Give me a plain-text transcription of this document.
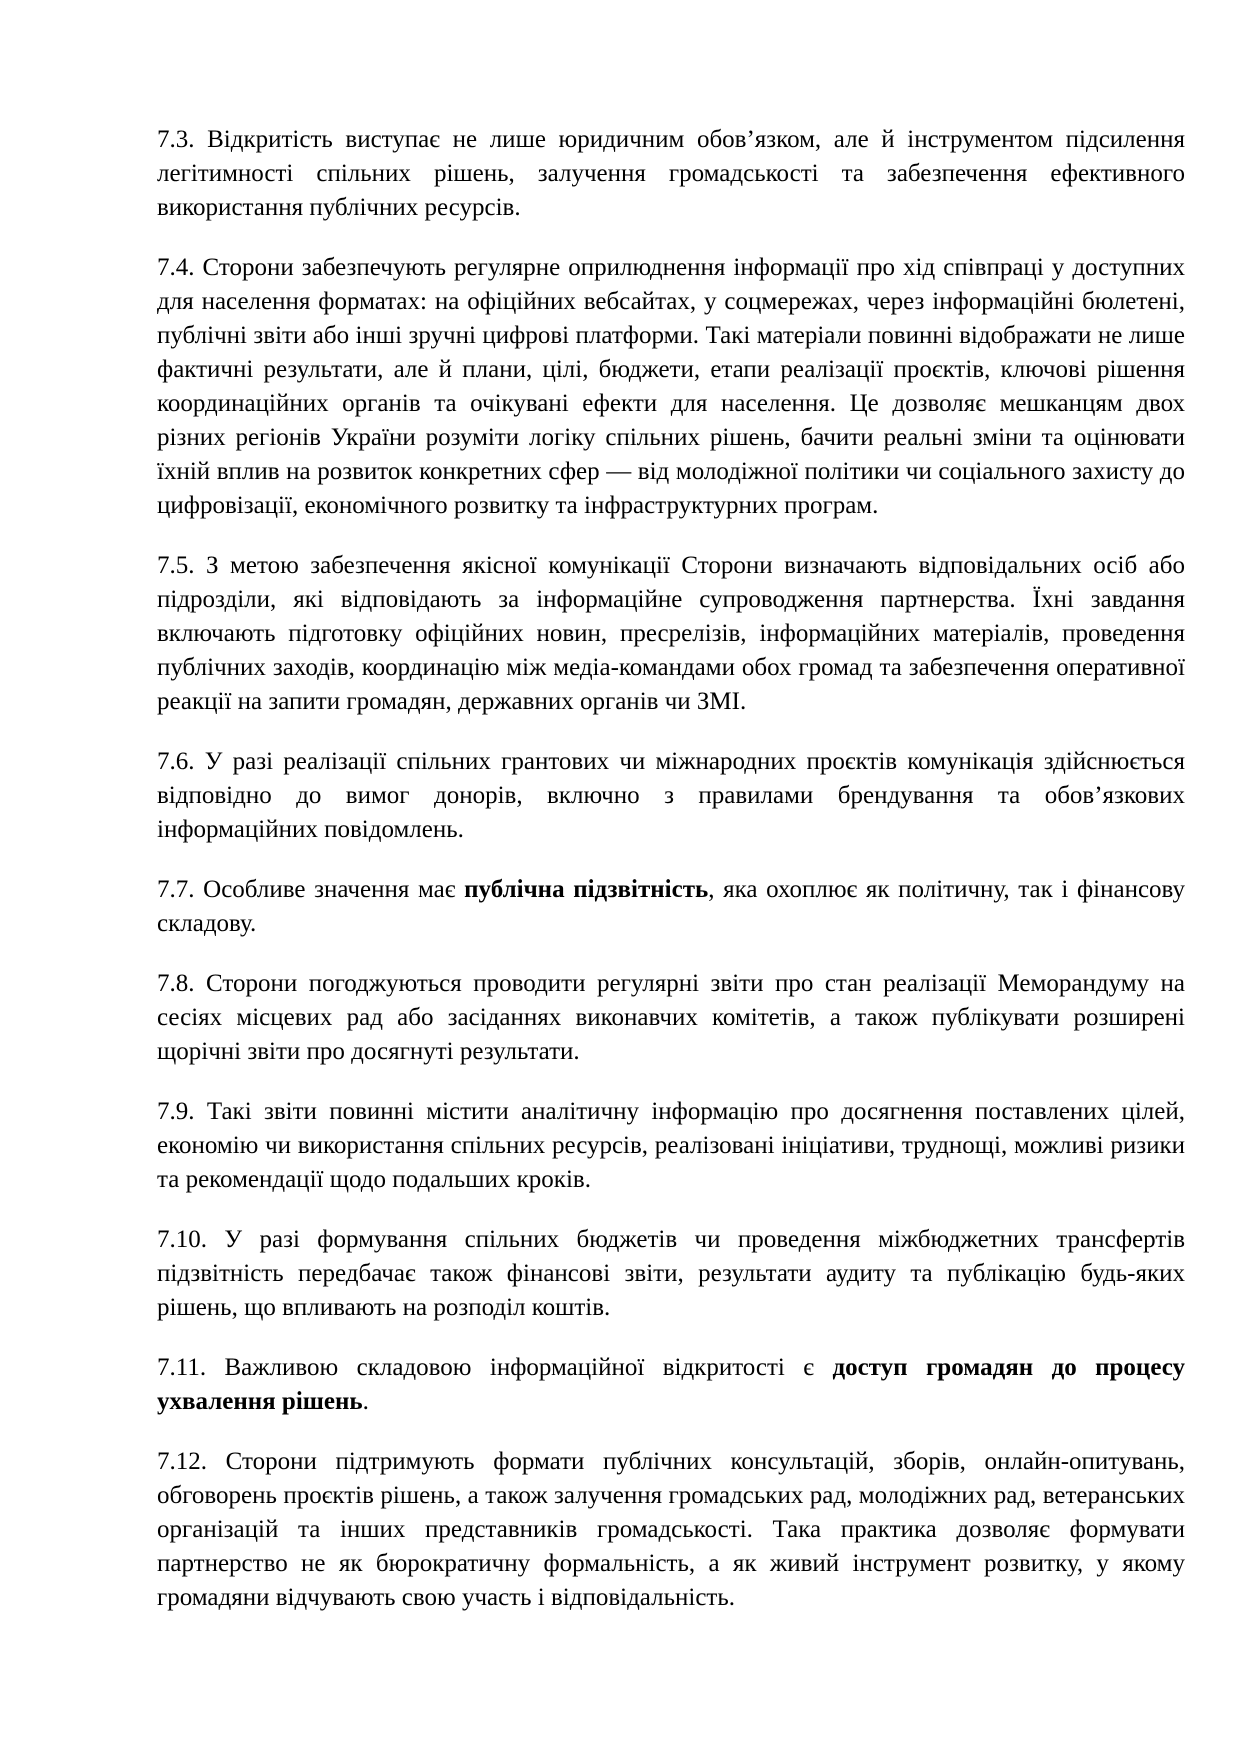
7.3. Відкритість виступає не лише юридичним обов’язком, але й інструментом підсилення легітимності спільних рішень, залучення громадськості та забезпечення ефективного використання публічних ресурсів.

7.4. Сторони забезпечують регулярне оприлюднення інформації про хід співпраці у доступних для населення форматах: на офіційних вебсайтах, у соцмережах, через інформаційні бюлетені, публічні звіти або інші зручні цифрові платформи. Такі матеріали повинні відображати не лише фактичні результати, але й плани, цілі, бюджети, етапи реалізації проєктів, ключові рішення координаційних органів та очікувані ефекти для населення. Це дозволяє мешканцям двох різних регіонів України розуміти логіку спільних рішень, бачити реальні зміни та оцінювати їхній вплив на розвиток конкретних сфер — від молодіжної політики чи соціального захисту до цифровізації, економічного розвитку та інфраструктурних програм.

7.5. З метою забезпечення якісної комунікації Сторони визначають відповідальних осіб або підрозділи, які відповідають за інформаційне супроводження партнерства. Їхні завдання включають підготовку офіційних новин, пресрелізів, інформаційних матеріалів, проведення публічних заходів, координацію між медіа-командами обох громад та забезпечення оперативної реакції на запити громадян, державних органів чи ЗМІ.

7.6. У разі реалізації спільних грантових чи міжнародних проєктів комунікація здійснюється відповідно до вимог донорів, включно з правилами брендування та обов’язкових інформаційних повідомлень.

7.7. Особливе значення має публічна підзвітність, яка охоплює як політичну, так і фінансову складову.

7.8. Сторони погоджуються проводити регулярні звіти про стан реалізації Меморандуму на сесіях місцевих рад або засіданнях виконавчих комітетів, а також публікувати розширені щорічні звіти про досягнуті результати.

7.9. Такі звіти повинні містити аналітичну інформацію про досягнення поставлених цілей, економію чи використання спільних ресурсів, реалізовані ініціативи, труднощі, можливі ризики та рекомендації щодо подальших кроків.

7.10. У разі формування спільних бюджетів чи проведення міжбюджетних трансфертів підзвітність передбачає також фінансові звіти, результати аудиту та публікацію будь-яких рішень, що впливають на розподіл коштів.

7.11. Важливою складовою інформаційної відкритості є доступ громадян до процесу ухвалення рішень.

7.12. Сторони підтримують формати публічних консультацій, зборів, онлайн-опитувань, обговорень проєктів рішень, а також залучення громадських рад, молодіжних рад, ветеранських організацій та інших представників громадськості. Така практика дозволяє формувати партнерство не як бюрократичну формальність, а як живий інструмент розвитку, у якому громадяни відчувають свою участь і відповідальність.
